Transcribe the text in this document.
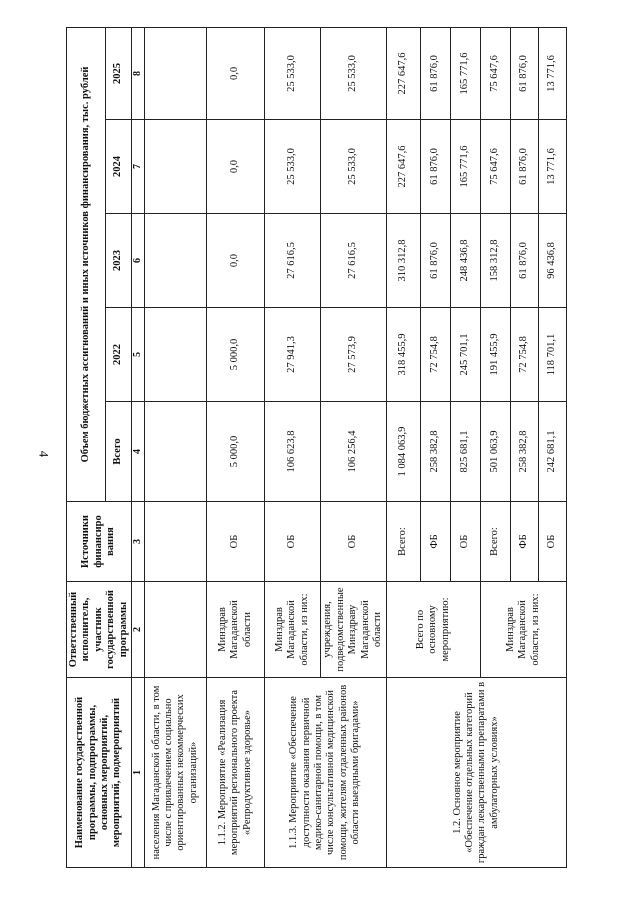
4
Наименование государственной программы, подпрограммы, основных мероприятий, мероприятий, подмероприятий	Ответственный исполнитель, участник государственной программы	Источники финансиро вания	Объем бюджетных ассигнований и иных источников финансирования, тыс. рублей				
			Всего	2022	2023	2024	2025
1	2	3	4	5	6	7	8
населения Магаданской области, в том числе с привлечением социально ориентированных некоммерческих организаций»							
1.1.2. Мероприятие «Реализация мероприятий регионального проекта «Репродуктивное здоровье»	Минздрав Магаданской области	ОБ	5 000,0	5 000,0	0,0	0,0	0,0
1.1.3. Мероприятие «Обеспечение доступности оказания первичной медико-санитарной помощи, в том числе консультативной медицинской помощи, жителям отдаленных районов области выездными бригадами»	Минздрав Магаданской области, из них:	ОБ	106 623,8	27 941,3	27 616,5	25 533,0	25 533,0
	учреждения, подведомственные Минздраву Магаданской области	ОБ	106 256,4	27 573,9	27 616,5	25 533,0	25 533,0
1.2. Основное мероприятие «Обеспечение отдельных категорий граждан лекарственными препаратами в амбулаторных условиях»	Всего по основному мероприятию:	Всего:	1 084 063,9	318 455,9	310 312,8	227 647,6	227 647,6
		ФБ	258 382,8	72 754,8	61 876,0	61 876,0	61 876,0
		ОБ	825 681,1	245 701,1	248 436,8	165 771,6	165 771,6
	Минздрав Магаданской области, из них:	Всего:	501 063,9	191 455,9	158 312,8	75 647,6	75 647,6
		ФБ	258 382,8	72 754,8	61 876,0	61 876,0	61 876,0
		ОБ	242 681,1	118 701,1	96 436,8	13 771,6	13 771,6
